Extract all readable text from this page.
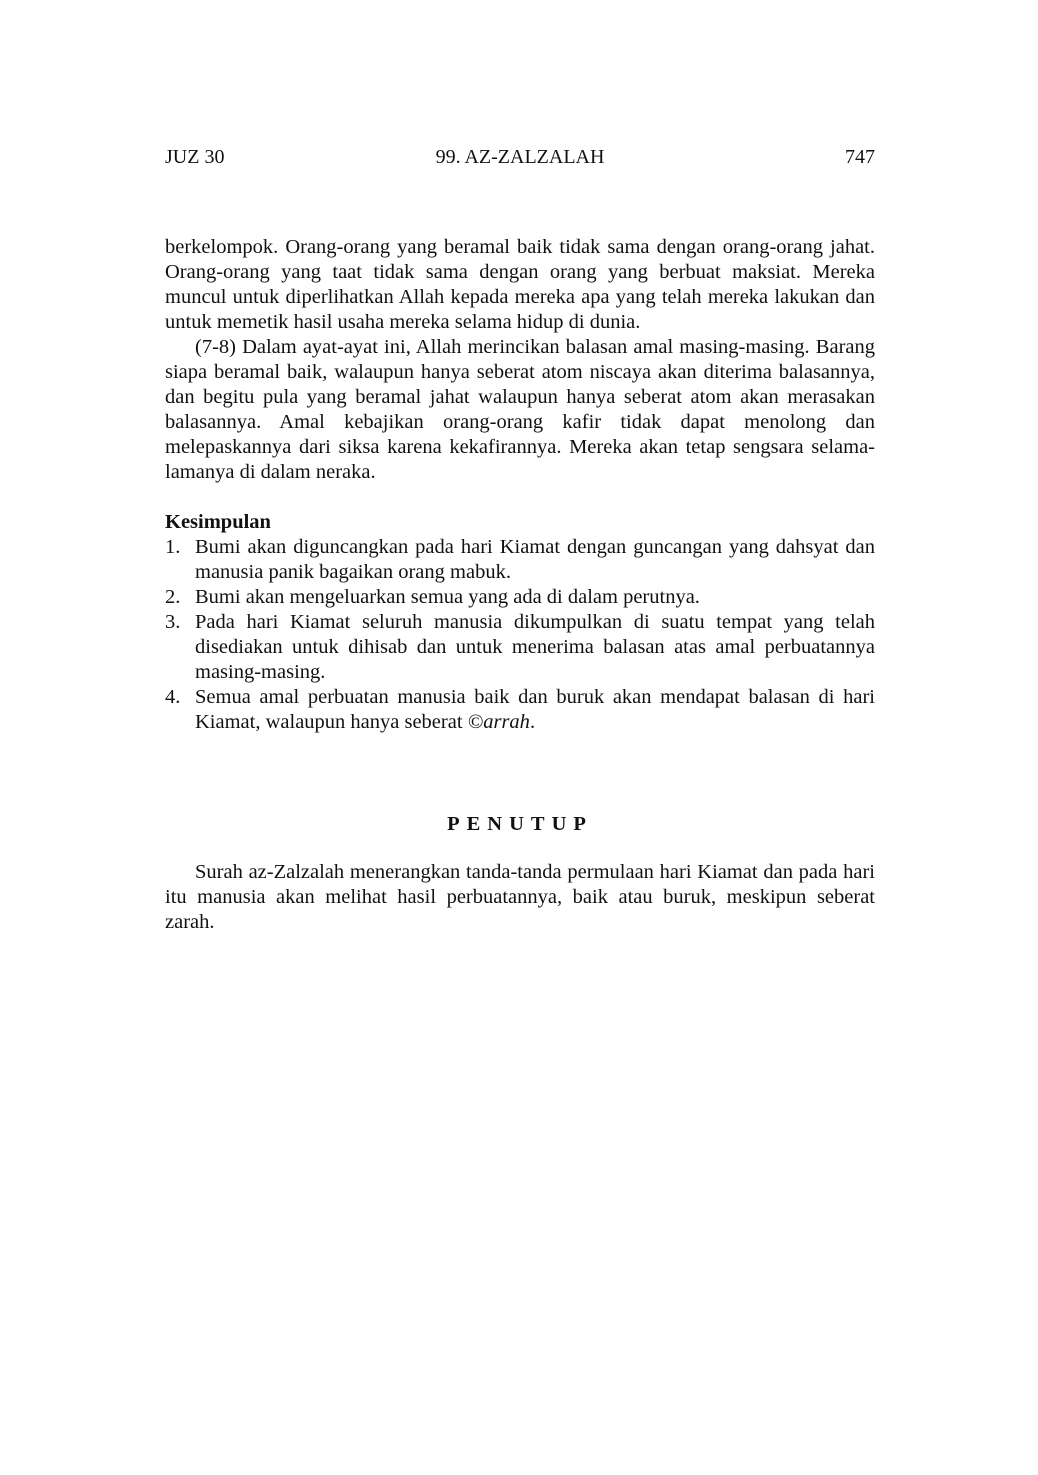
JUZ 30	99. AZ-ZALZALAH	747

berkelompok. Orang-orang yang beramal baik tidak sama dengan orang-orang jahat. Orang-orang yang taat tidak sama dengan orang yang berbuat maksiat. Mereka muncul untuk diperlihatkan Allah kepada mereka apa yang telah mereka lakukan dan untuk memetik hasil usaha mereka selama hidup di dunia.

(7-8) Dalam ayat-ayat ini, Allah merincikan balasan amal masing-masing. Barang siapa beramal baik, walaupun hanya seberat atom niscaya akan diterima balasannya, dan begitu pula yang beramal jahat walaupun hanya seberat atom akan merasakan balasannya. Amal kebajikan orang-orang kafir tidak dapat menolong dan melepaskannya dari siksa karena kekafirannya. Mereka akan tetap sengsara selama-lamanya di dalam neraka.

Kesimpulan
1. Bumi akan diguncangkan pada hari Kiamat dengan guncangan yang dahsyat dan manusia panik bagaikan orang mabuk.
2. Bumi akan mengeluarkan semua yang ada di dalam perutnya.
3. Pada hari Kiamat seluruh manusia dikumpulkan di suatu tempat yang telah disediakan untuk dihisab dan untuk menerima balasan atas amal perbuatannya masing-masing.
4. Semua amal perbuatan manusia baik dan buruk akan mendapat balasan di hari Kiamat, walaupun hanya seberat ©arrah.
PENUTUP

Surah az-Zalzalah menerangkan tanda-tanda permulaan hari Kiamat dan pada hari itu manusia akan melihat hasil perbuatannya, baik atau buruk, meskipun seberat zarah.
